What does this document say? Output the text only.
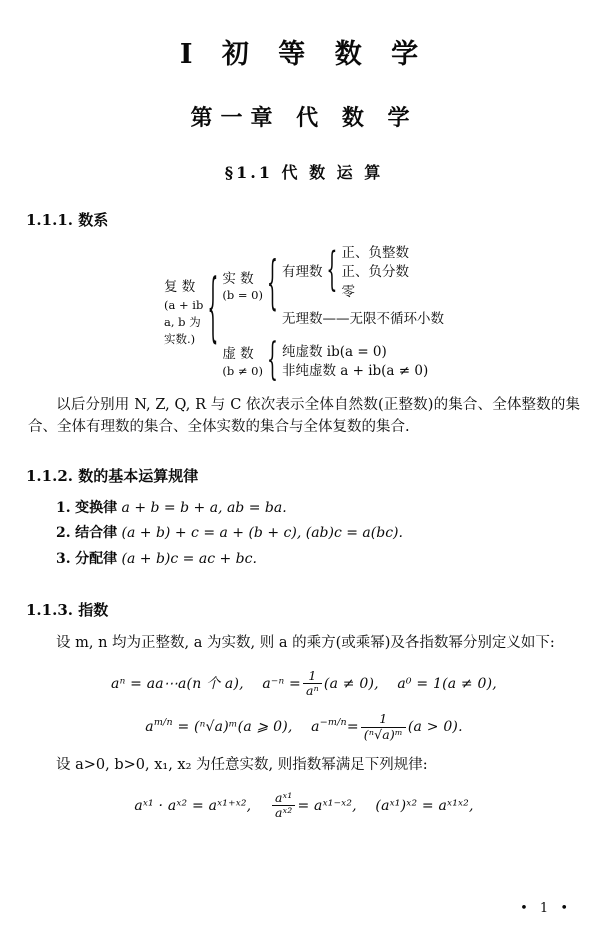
I 初 等 数 学
第一章 代 数 学
§1.1 代 数 运 算
1.1.1. 数系
复 数
(a + ib
a, b 为
实数.) { 实 数
(b = 0) { 有理数 { 正、负整数
正、负分数
零
无理数——无限不循环小数
虚 数
(b ≠ 0) { 纯虚数 ib(a = 0)
非纯虚数 a + ib(a ≠ 0)
以后分别用 N, Z, Q, R 与 C 依次表示全体自然数(正整数)的集合、全体整数的集合、全体有理数的集合、全体实数的集合与全体复数的集合.
1.1.2. 数的基本运算规律
1. 变换律 a + b = b + a, ab = ba.
2. 结合律 (a + b) + c = a + (b + c), (ab)c = a(bc).
3. 分配律 (a + b)c = ac + bc.
1.1.3. 指数
设 m, n 均为正整数, a 为实数, 则 a 的乘方(或乘幂)及各指数幂分别定义如下:
aⁿ = aa⋯a(n 个 a), $a^{-n} = \frac{1}{\text{aⁿ}} (a \ne 0)$, a⁰ = 1(a ≠ 0),
$a^{m/n}$ = (ⁿ√a)ᵐ(a ⩾ 0), $a^{-m/n}= \frac{1}{\text{(ⁿ√a)ᵐ}} (a > 0)$.
设 a>0, b>0, x₁, x₂ 为任意实数, 则指数幂满足下列规律:
aˣ¹ · aˣ² = aˣ¹⁺ˣ², $\frac{\text{aˣ¹}}{\text{aˣ²}}$ = aˣ¹⁻ˣ², (aˣ¹)ˣ² = aˣ¹ˣ²,
• 1 •
